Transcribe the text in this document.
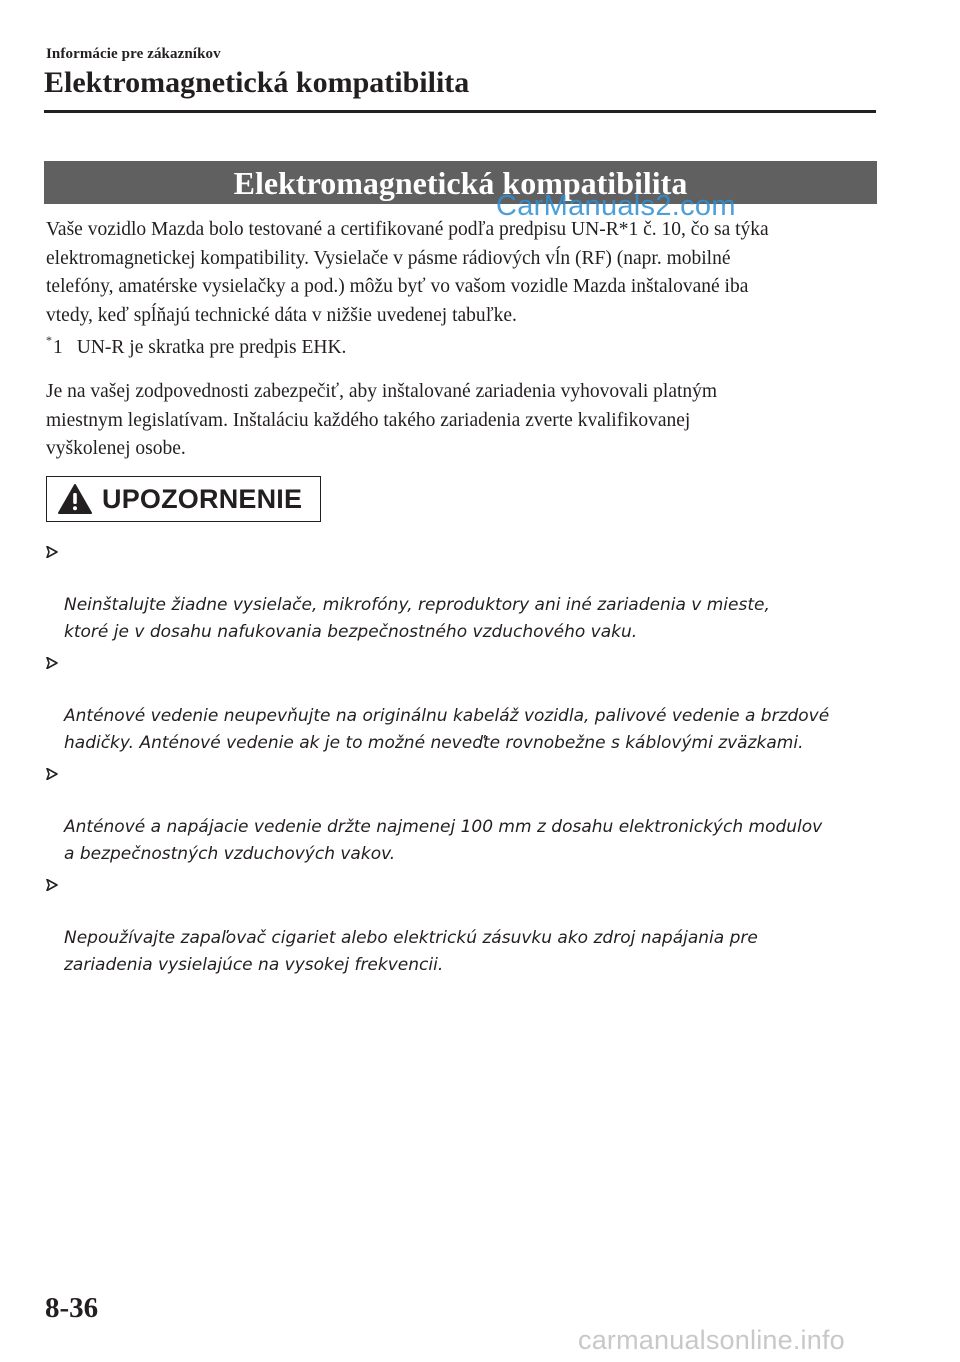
Informácie pre zákazníkov
Elektromagnetická kompatibilita
Elektromagnetická kompatibilita
CarManuals2.com

Vaše vozidlo Mazda bolo testované a certifikované podľa predpisu UN-R*1 č. 10, čo sa týka
elektromagnetickej kompatibility. Vysielače v pásme rádiových vĺn (RF) (napr. mobilné
telefóny, amatérske vysielačky a pod.) môžu byť vo vašom vozidle Mazda inštalované iba
vtedy, keď spĺňajú technické dáta v nižšie uvedenej tabuľke.

*1 UN-R je skratka pre predpis EHK.

Je na vašej zodpovednosti zabezpečiť, aby inštalované zariadenia vyhovovali platným
miestnym legislatívam. Inštaláciu každého takého zariadenia zverte kvalifikovanej
vyškolenej osobe.

UPOZORNENIE

Neinštalujte žiadne vysielače, mikrofóny, reproduktory ani iné zariadenia v mieste,
ktoré je v dosahu nafukovania bezpečnostného vzduchového vaku.

Anténové vedenie neupevňujte na originálnu kabeláž vozidla, palivové vedenie a brzdové
hadičky. Anténové vedenie ak je to možné neveďte rovnobežne s káblovými zväzkami.

Anténové a napájacie vedenie držte najmenej 100 mm z dosahu elektronických modulov
a bezpečnostných vzduchových vakov.

Nepoužívajte zapaľovač cigariet alebo elektrickú zásuvku ako zdroj napájania pre
zariadenia vysielajúce na vysokej frekvencii.

8-36
carmanualsonline.info
